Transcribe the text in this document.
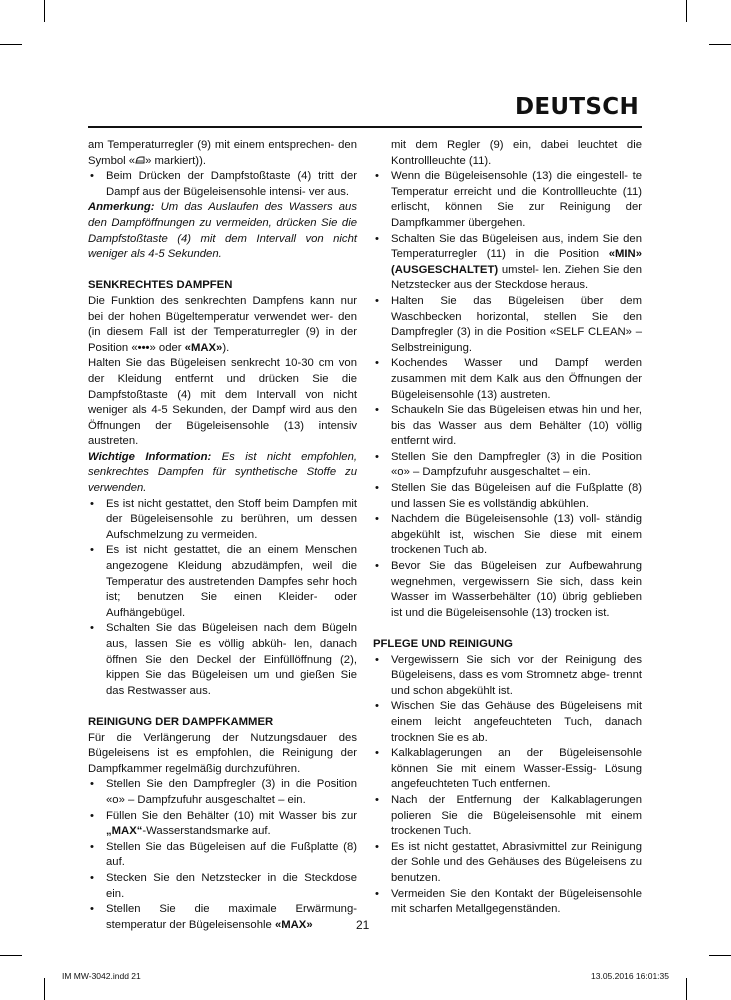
DEUTSCH

am Temperaturregler (9) mit einem entsprechen- den Symbol « » markiert)).

• Beim Drücken der Dampfstoßtaste (4) tritt der Dampf aus der Bügeleisensohle intensi- ver aus.

Anmerkung: Um das Auslaufen des Wassers aus den Dampföffnungen zu vermeiden, drücken Sie die Dampfstoßtaste (4) mit dem Intervall von nicht weniger als 4-5 Sekunden.

SENKRECHTES DAMPFEN

Die Funktion des senkrechten Dampfens kann nur bei der hohen Bügeltemperatur verwendet wer- den (in diesem Fall ist der Temperaturregler (9) in der Position «•••» oder «MAX»).

Halten Sie das Bügeleisen senkrecht 10-30 cm von der Kleidung entfernt und drücken Sie die Dampfstoßtaste (4) mit dem Intervall von nicht weniger als 4-5 Sekunden, der Dampf wird aus den Öffnungen der Bügeleisensohle (13) intensiv austreten.

Wichtige Information: Es ist nicht empfohlen, senkrechtes Dampfen für synthetische Stoffe zu verwenden.

• Es ist nicht gestattet, den Stoff beim Dampfen mit der Bügeleisensohle zu berühren, um dessen Aufschmelzung zu vermeiden.

• Es ist nicht gestattet, die an einem Menschen angezogene Kleidung abzudämpfen, weil die Temperatur des austretenden Dampfes sehr hoch ist; benutzen Sie einen Kleider- oder Aufhängebügel.

• Schalten Sie das Bügeleisen nach dem Bügeln aus, lassen Sie es völlig abküh- len, danach öffnen Sie den Deckel der Einfüllöffnung (2), kippen Sie das Bügeleisen um und gießen Sie das Restwasser aus.

REINIGUNG DER DAMPFKAMMER

Für die Verlängerung der Nutzungsdauer des Bügeleisens ist es empfohlen, die Reinigung der Dampfkammer regelmäßig durchzuführen.

• Stellen Sie den Dampfregler (3) in die Position «o» – Dampfzufuhr ausgeschaltet – ein.

• Füllen Sie den Behälter (10) mit Wasser bis zur „MAX“-Wasserstandsmarke auf.

• Stellen Sie das Bügeleisen auf die Fußplatte (8) auf.

• Stecken Sie den Netzstecker in die Steckdose ein.

• Stellen Sie die maximale Erwärmung- stemperatur der Bügeleisensohle «MAX»

mit dem Regler (9) ein, dabei leuchtet die Kontrollleuchte (11).

• Wenn die Bügeleisensohle (13) die eingestell- te Temperatur erreicht und die Kontrollleuchte (11) erlischt, können Sie zur Reinigung der Dampfkammer übergehen.

• Schalten Sie das Bügeleisen aus, indem Sie den Temperaturregler (11) in die Position «MIN» (AUSGESCHALTET) umstel- len. Ziehen Sie den Netzstecker aus der Steckdose heraus.

• Halten Sie das Bügeleisen über dem Waschbecken horizontal, stellen Sie den Dampfregler (3) in die Position «SELF CLEAN» – Selbstreinigung.

• Kochendes Wasser und Dampf werden zusammen mit dem Kalk aus den Öffnungen der Bügeleisensohle (13) austreten.

• Schaukeln Sie das Bügeleisen etwas hin und her, bis das Wasser aus dem Behälter (10) völlig entfernt wird.

• Stellen Sie den Dampfregler (3) in die Position «o» – Dampfzufuhr ausgeschaltet – ein.

• Stellen Sie das Bügeleisen auf die Fußplatte (8) und lassen Sie es vollständig abkühlen.

• Nachdem die Bügeleisensohle (13) voll- ständig abgekühlt ist, wischen Sie diese mit einem trockenen Tuch ab.

• Bevor Sie das Bügeleisen zur Aufbewahrung wegnehmen, vergewissern Sie sich, dass kein Wasser im Wasserbehälter (10) übrig geblieben ist und die Bügeleisensohle (13) trocken ist.

PFLEGE UND REINIGUNG

• Vergewissern Sie sich vor der Reinigung des Bügeleisens, dass es vom Stromnetz abge- trennt und schon abgekühlt ist.

• Wischen Sie das Gehäuse des Bügeleisens mit einem leicht angefeuchteten Tuch, danach trocknen Sie es ab.

• Kalkablagerungen an der Bügeleisensohle können Sie mit einem Wasser-Essig- Lösung angefeuchteten Tuch entfernen.

• Nach der Entfernung der Kalkablagerungen polieren Sie die Bügeleisensohle mit einem trockenen Tuch.

• Es ist nicht gestattet, Abrasivmittel zur Reinigung der Sohle und des Gehäuses des Bügeleisens zu benutzen.

• Vermeiden Sie den Kontakt der Bügeleisensohle mit scharfen Metallgegenständen.

21
IM MW-3042.indd 21	13.05.2016 16:01:35
